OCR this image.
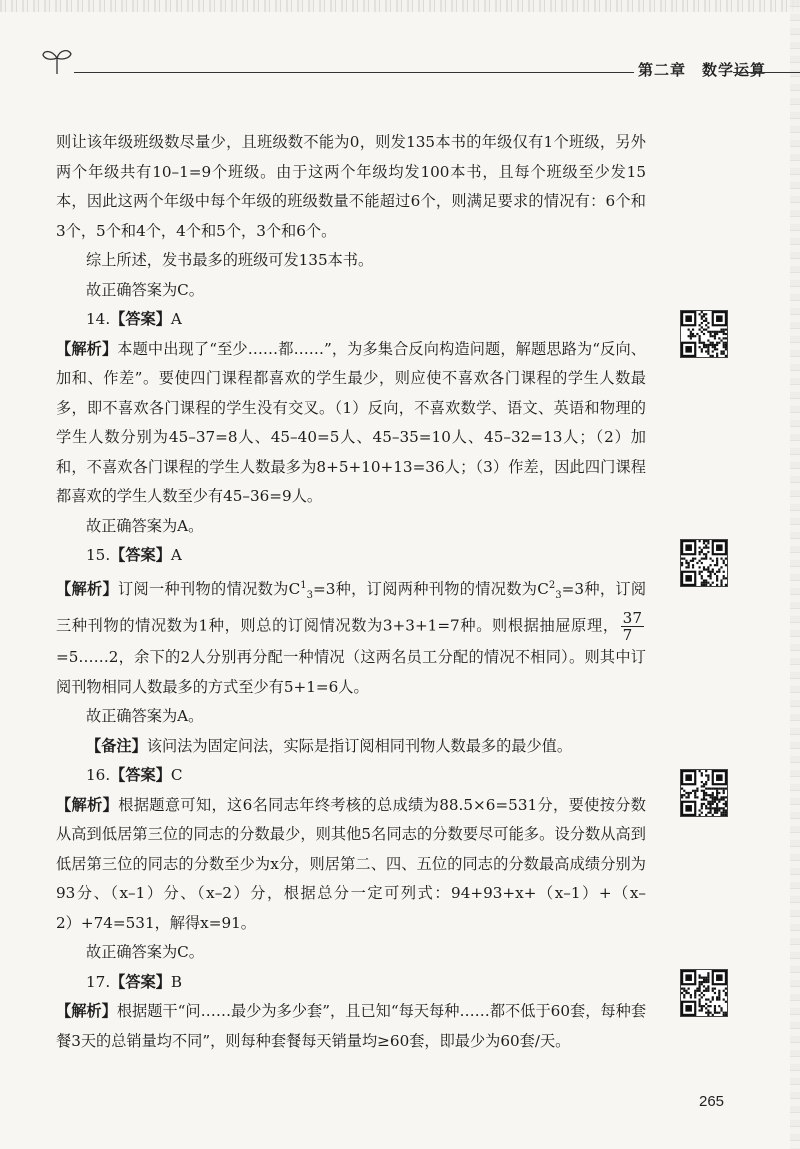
第二章　数学运算

则让该年级班级数尽量少，且班级数不能为0，则发135本书的年级仅有1个班级，另外两个年级共有10–1=9个班级。由于这两个年级均发100本书，且每个班级至少发15本，因此这两个年级中每个年级的班级数量不能超过6个，则满足要求的情况有：6个和3个，5个和4个，4个和5个，3个和6个。

综上所述，发书最多的班级可发135本书。

故正确答案为C。

14.【答案】A

【解析】本题中出现了“至少……都……”，为多集合反向构造问题，解题思路为“反向、加和、作差”。要使四门课程都喜欢的学生最少，则应使不喜欢各门课程的学生人数最多，即不喜欢各门课程的学生没有交叉。（1）反向，不喜欢数学、语文、英语和物理的学生人数分别为45–37=8人、45–40=5人、45–35=10人、45–32=13人；（2）加和，不喜欢各门课程的学生人数最多为8+5+10+13=36人；（3）作差，因此四门课程都喜欢的学生人数至少有45–36=9人。

故正确答案为A。

15.【答案】A

【解析】订阅一种刊物的情况数为$C^1_3=3$种，订阅两种刊物的情况数为$C^2_3=3$种，订阅三种刊物的情况数为1种，则总的订阅情况数为3+3+1=7种。则根据抽屉原理， $\frac{37}{7}$
=5……2，余下的2人分别再分配一种情况（这两名员工分配的情况不相同）。则其中订阅刊物相同人数最多的方式至少有5+1=6人。

故正确答案为A。

【备注】该问法为固定问法，实际是指订阅相同刊物人数最多的最少值。

16.【答案】C

【解析】根据题意可知，这6名同志年终考核的总成绩为88.5×6=531分，要使按分数从高到低居第三位的同志的分数最少，则其他5名同志的分数要尽可能多。设分数从高到低居第三位的同志的分数至少为x分，则居第二、四、五位的同志的分数最高成绩分别为93分、（x–1）分、（x–2）分，根据总分一定可列式：94+93+x+（x–1）+（x–2）+74=531，解得x=91。

故正确答案为C。

17.【答案】B

【解析】根据题干“问……最少为多少套”，且已知“每天每种……都不低于60套，每种套餐3天的总销量均不同”，则每种套餐每天销量均≥60套，即最少为60套/天。

265
